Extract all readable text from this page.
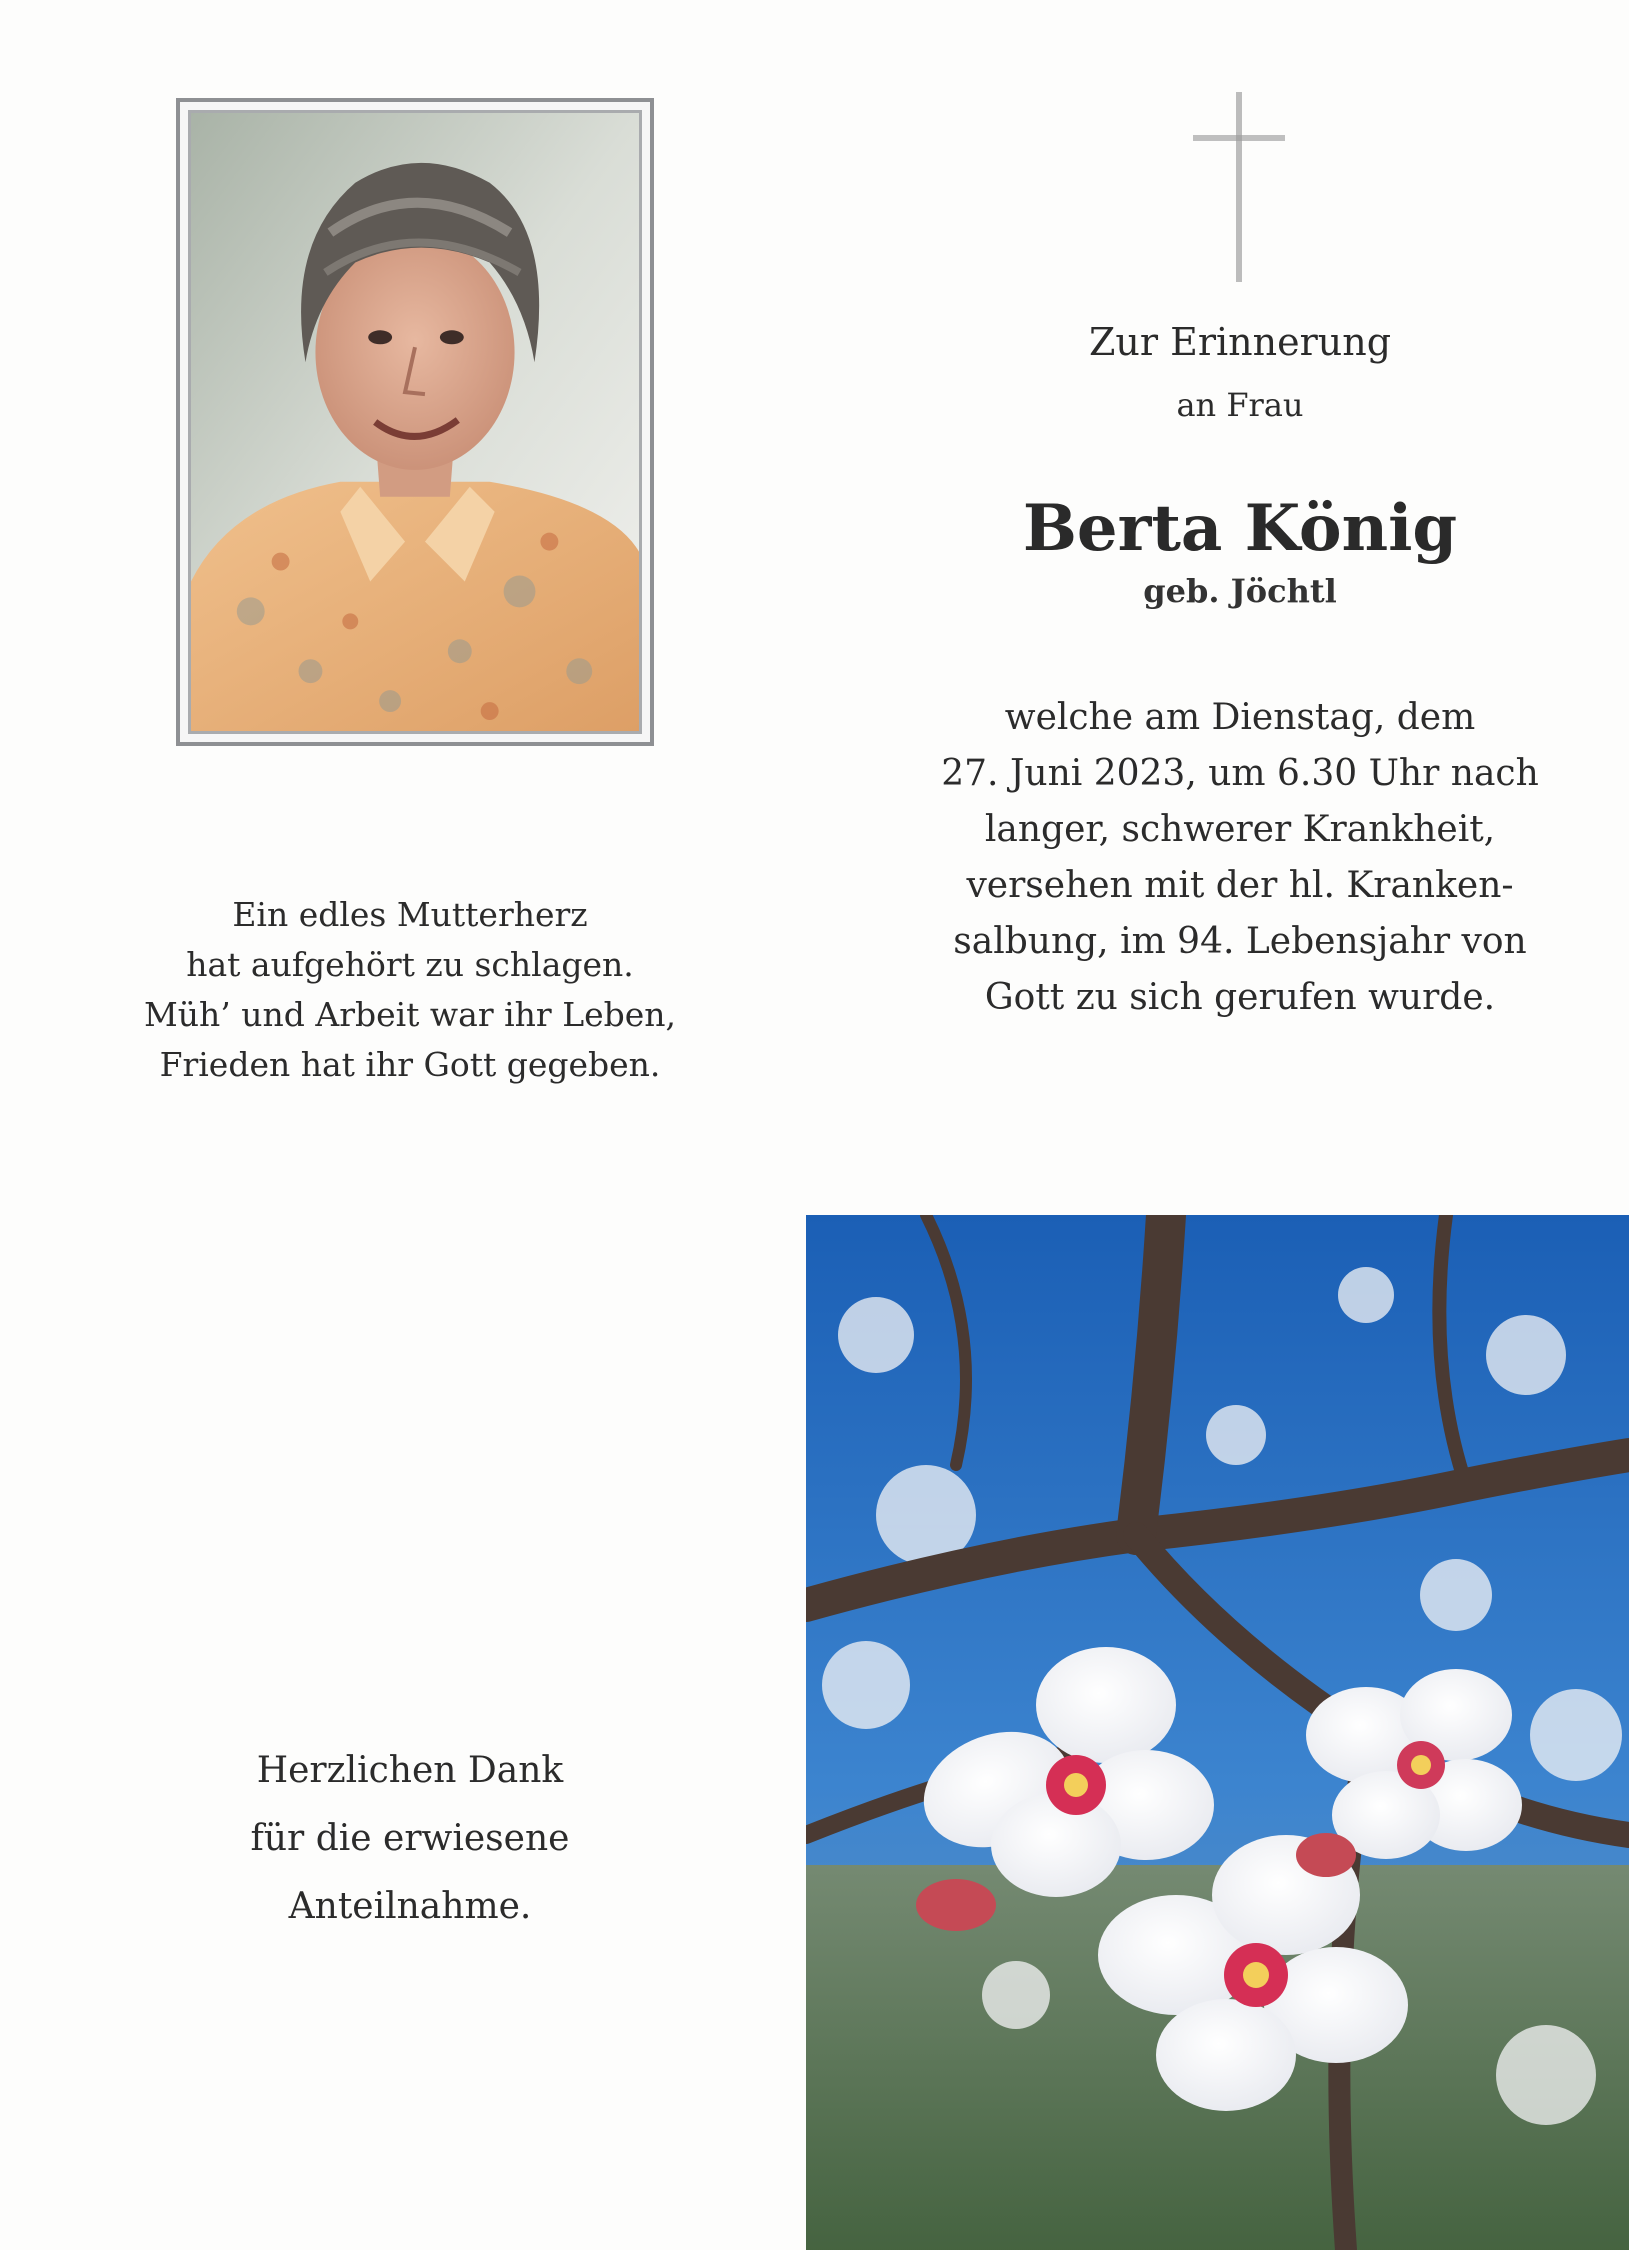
Zur Erinnerung
an Frau
Berta König
geb. Jöchtl
welche am Dienstag, dem
27. Juni 2023, um 6.30 Uhr nach
langer, schwerer Krankheit,
versehen mit der hl. Kranken-
salbung, im 94. Lebensjahr von
Gott zu sich gerufen wurde.
Ein edles Mutterherz
hat aufgehört zu schlagen.
Müh’ und Arbeit war ihr Leben,
Frieden hat ihr Gott gegeben.
Herzlichen Dank
für die erwiesene
Anteilnahme.
